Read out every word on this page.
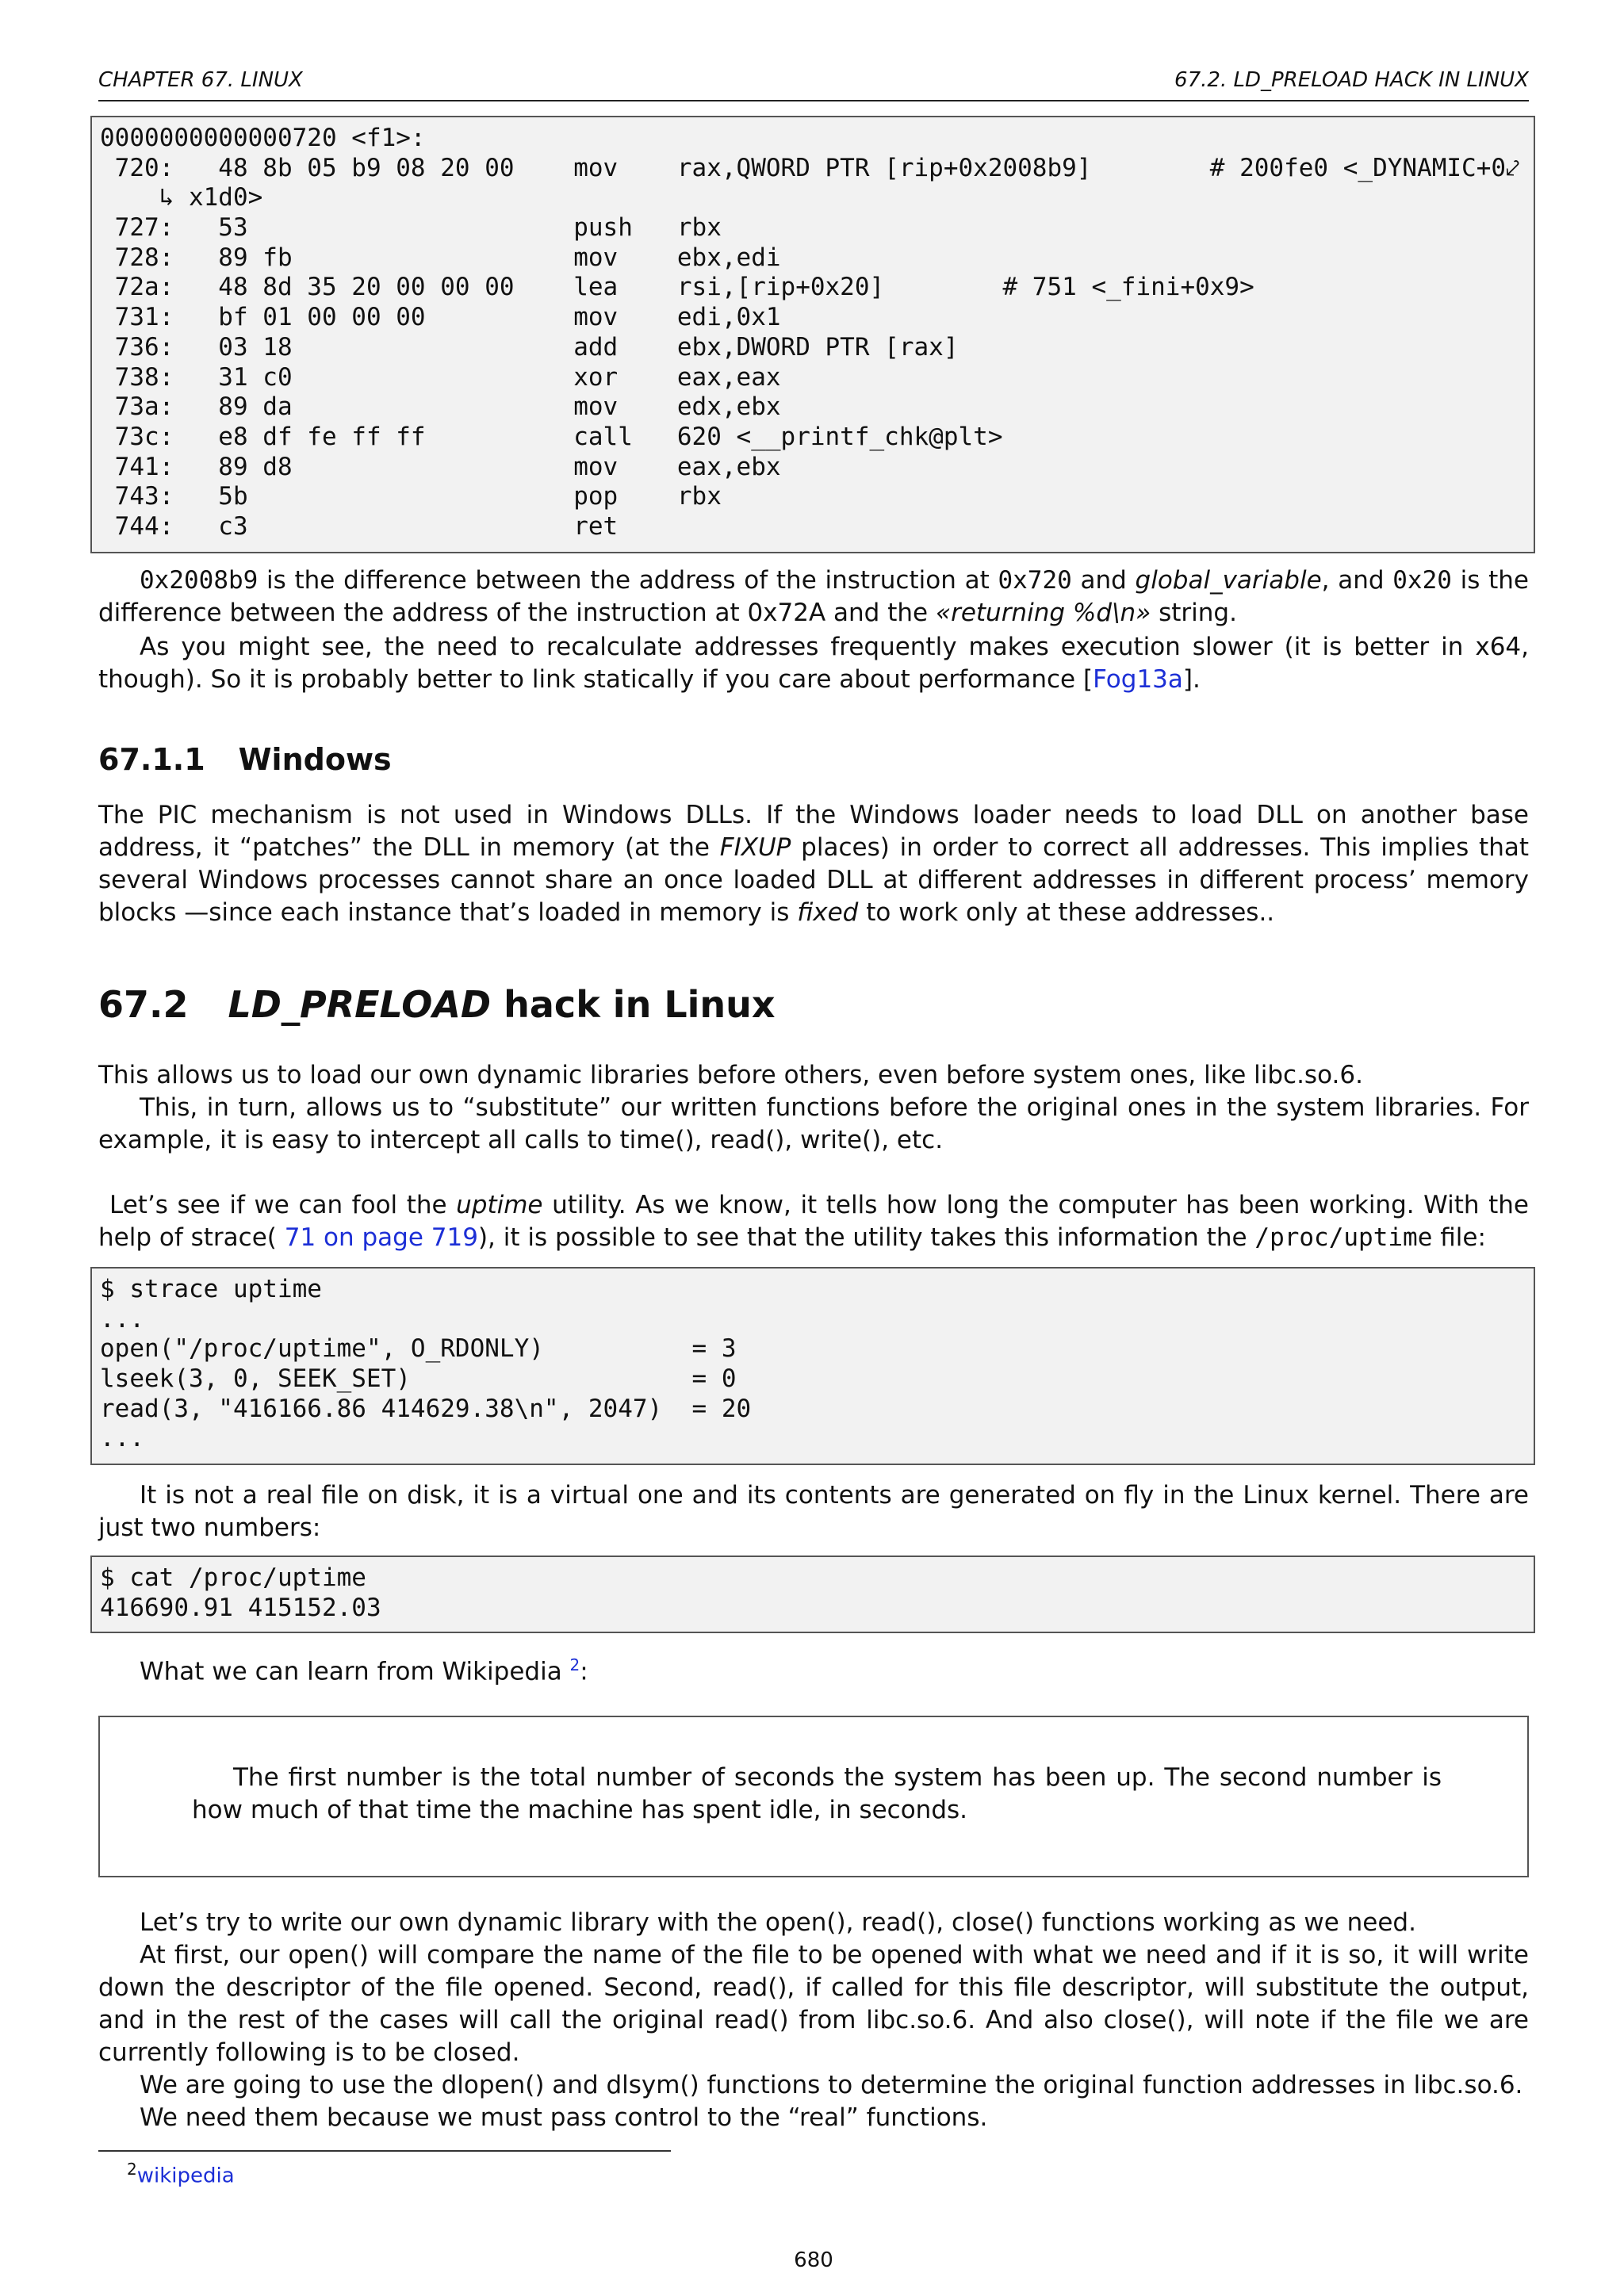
CHAPTER 67. LINUX	67.2. LD_PRELOAD HACK IN LINUX
0000000000000720 <f1>:
720:   48 8b 05 b9 08 20 00    mov    rax,QWORD PTR [rip+0x2008b9]        # 200fe0 <_DYNAMIC+0⤦
↳ x1d0>
727:   53                      push   rbx
728:   89 fb                   mov    ebx,edi
72a:   48 8d 35 20 00 00 00    lea    rsi,[rip+0x20]        # 751 <_fini+0x9>
731:   bf 01 00 00 00          mov    edi,0x1
736:   03 18                   add    ebx,DWORD PTR [rax]
738:   31 c0                   xor    eax,eax
73a:   89 da                   mov    edx,ebx
73c:   e8 df fe ff ff          call   620 <__printf_chk@plt>
741:   89 d8                   mov    eax,ebx
743:   5b                      pop    rbx
744:   c3                      ret
0x2008b9 is the difference between the address of the instruction at 0x720 and global_variable, and 0x20 is the difference between the address of the instruction at 0x72A and the «returning %d\n» string.
As you might see, the need to recalculate addresses frequently makes execution slower (it is better in x64, though). So it is probably better to link statically if you care about performance [Fog13a].
67.1.1 Windows
The PIC mechanism is not used in Windows DLLs. If the Windows loader needs to load DLL on another base address, it “patches” the DLL in memory (at the FIXUP places) in order to correct all addresses. This implies that several Windows processes cannot share an once loaded DLL at different addresses in different process’ memory blocks —since each instance that’s loaded in memory is fixed to work only at these addresses..
67.2 LD_PRELOAD hack in Linux
This allows us to load our own dynamic libraries before others, even before system ones, like libc.so.6.
This, in turn, allows us to “substitute” our written functions before the original ones in the system libraries. For example, it is easy to intercept all calls to time(), read(), write(), etc.
Let’s see if we can fool the uptime utility. As we know, it tells how long the computer has been working. With the help of strace( 71 on page 719), it is possible to see that the utility takes this information the /proc/uptime file:
$ strace uptime
...
open("/proc/uptime", O_RDONLY)          = 3
lseek(3, 0, SEEK_SET)                   = 0
read(3, "416166.86 414629.38\n", 2047)  = 20
...
It is not a real file on disk, it is a virtual one and its contents are generated on fly in the Linux kernel. There are just two numbers:
$ cat /proc/uptime
416690.91 415152.03
What we can learn from Wikipedia $^2$:
The first number is the total number of seconds the system has been up. The second number is how much of that time the machine has spent idle, in seconds.
Let’s try to write our own dynamic library with the open(), read(), close() functions working as we need.
At first, our open() will compare the name of the file to be opened with what we need and if it is so, it will write down the descriptor of the file opened. Second, read(), if called for this file descriptor, will substitute the output, and in the rest of the cases will call the original read() from libc.so.6. And also close(), will note if the file we are currently following is to be closed.
We are going to use the dlopen() and dlsym() functions to determine the original function addresses in libc.so.6.
We need them because we must pass control to the “real” functions.
$^2$wikipedia
680
